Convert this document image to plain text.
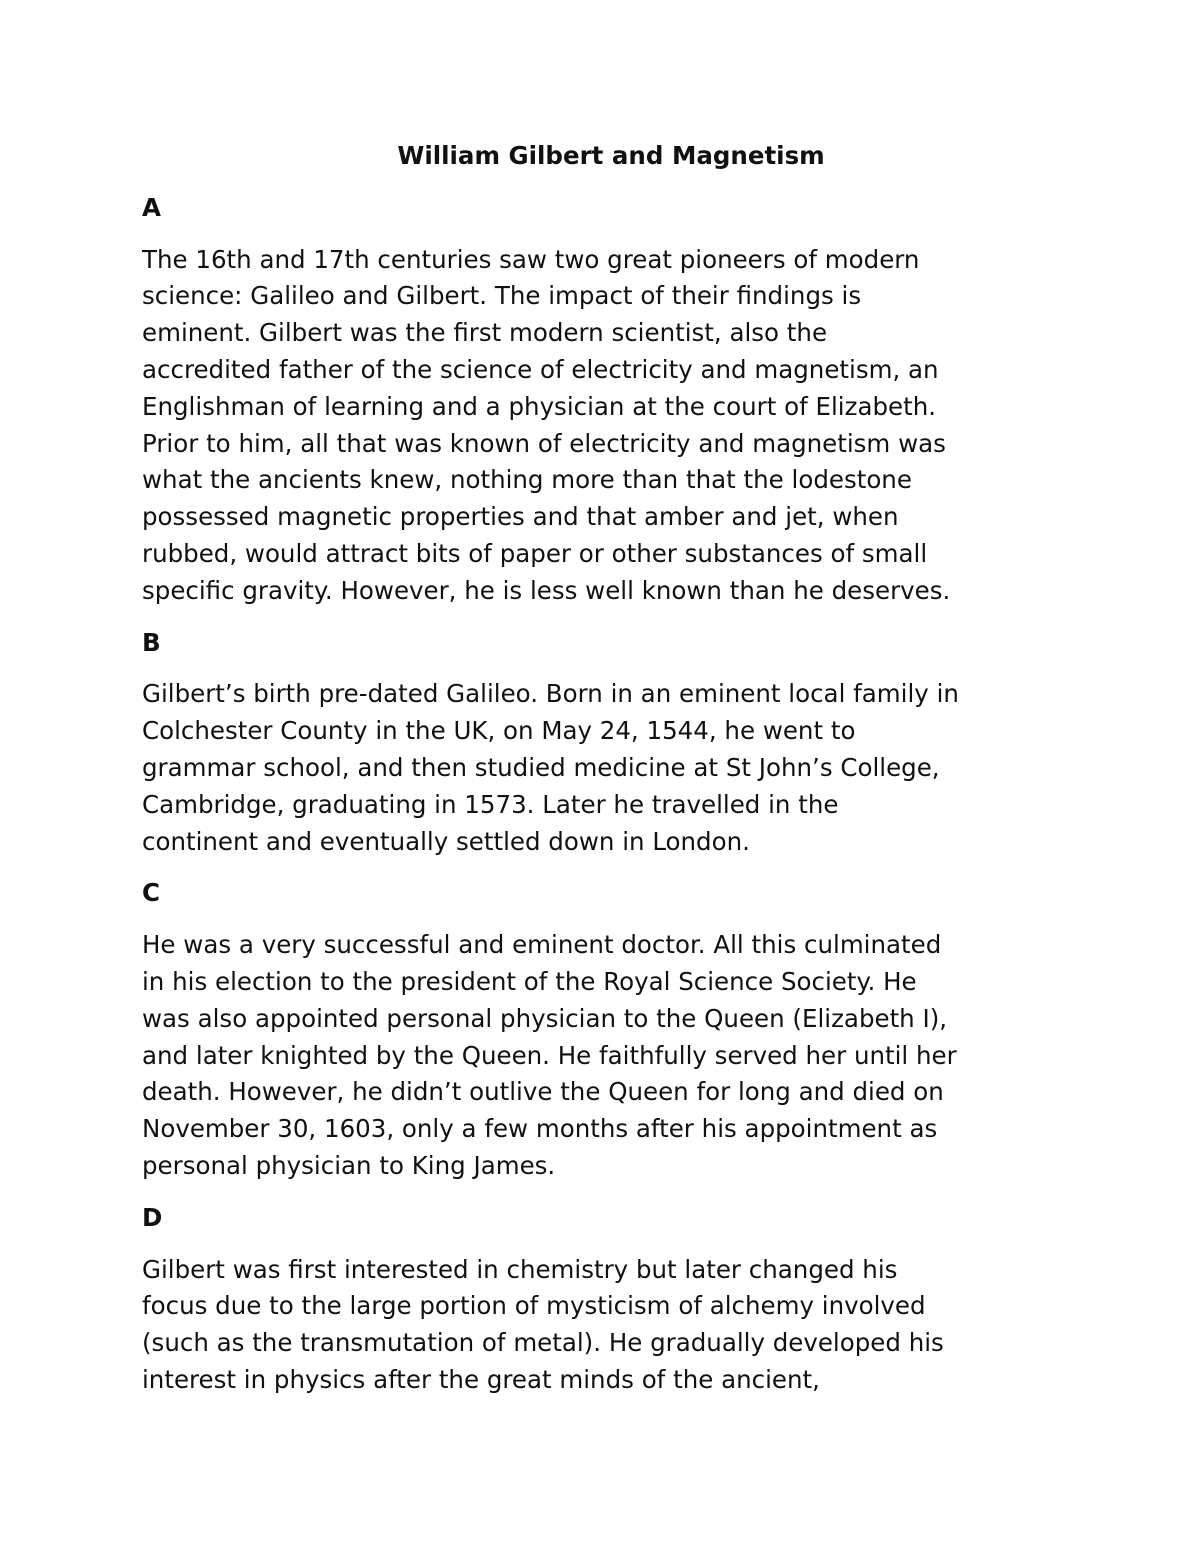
William Gilbert and Magnetism
A
The 16th and 17th centuries saw two great pioneers of modern
science: Galileo and Gilbert. The impact of their findings is
eminent. Gilbert was the first modern scientist, also the
accredited father of the science of electricity and magnetism, an
Englishman of learning and a physician at the court of Elizabeth.
Prior to him, all that was known of electricity and magnetism was
what the ancients knew, nothing more than that the lodestone
possessed magnetic properties and that amber and jet, when
rubbed, would attract bits of paper or other substances of small
specific gravity. However, he is less well known than he deserves.
B
Gilbert’s birth pre-dated Galileo. Born in an eminent local family in
Colchester County in the UK, on May 24, 1544, he went to
grammar school, and then studied medicine at St John’s College,
Cambridge, graduating in 1573. Later he travelled in the
continent and eventually settled down in London.
C
He was a very successful and eminent doctor. All this culminated
in his election to the president of the Royal Science Society. He
was also appointed personal physician to the Queen (Elizabeth I),
and later knighted by the Queen. He faithfully served her until her
death. However, he didn’t outlive the Queen for long and died on
November 30, 1603, only a few months after his appointment as
personal physician to King James.
D
Gilbert was first interested in chemistry but later changed his
focus due to the large portion of mysticism of alchemy involved
(such as the transmutation of metal). He gradually developed his
interest in physics after the great minds of the ancient,
